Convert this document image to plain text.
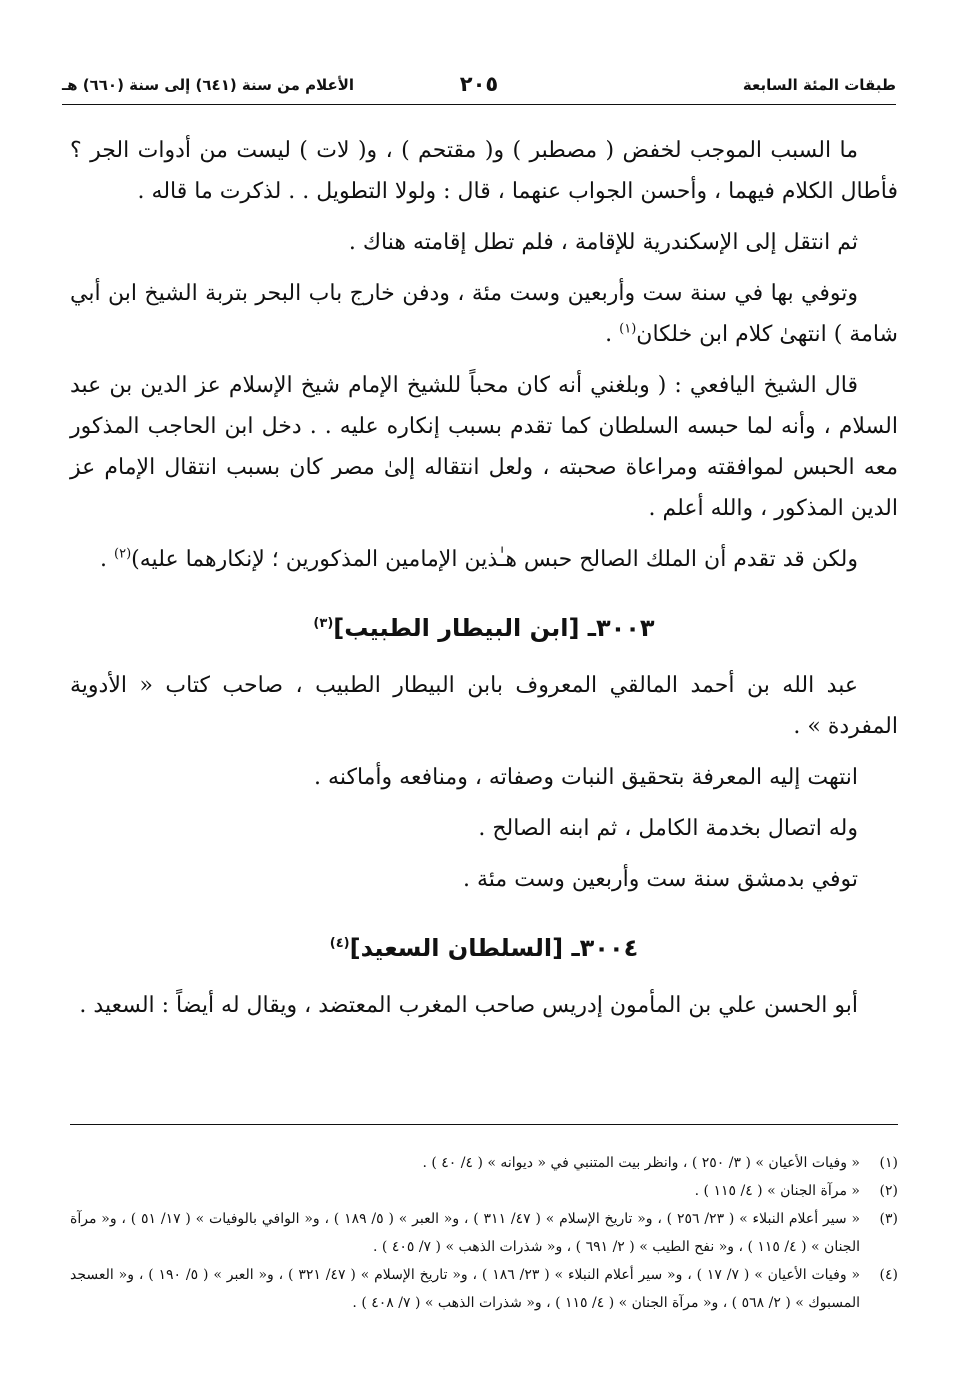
طبقات المئة السابعة
٢٠٥
الأعلام من سنة (٦٤١) إلى سنة (٦٦٠) هـ

ما السبب الموجب لخفض ( مصطبر ) و( مقتحم ) ، و( لات ) ليست من أدوات الجر ؟ فأطال الكلام فيهما ، وأحسن الجواب عنهما ، قال : ولولا التطويل . . لذكرت ما قاله .

ثم انتقل إلى الإسكندرية للإقامة ، فلم تطل إقامته هناك .

وتوفي بها في سنة ست وأربعين وست مئة ، ودفن خارج باب البحر بتربة الشيخ ابن أبي شامة ) انتهىٰ كلام ابن خلكان$^{(١)}$ .

قال الشيخ اليافعي : ( وبلغني أنه كان محباً للشيخ الإمام شيخ الإسلام عز الدين بن عبد السلام ، وأنه لما حبسه السلطان كما تقدم بسبب إنكاره عليه . . دخل ابن الحاجب المذكور معه الحبس لموافقته ومراعاة صحبته ، ولعل انتقاله إلىٰ مصر كان بسبب انتقال الإمام عز الدين المذكور ، والله أعلم .

ولكن قد تقدم أن الملك الصالح حبس هـٰذين الإمامين المذكورين ؛ لإنكارهما عليه)$^{(٢)}$ .

٣٠٠٣ـ [ابن البيطار الطبيب]$^{(٣)}$

عبد الله بن أحمد المالقي المعروف بابن البيطار الطبيب ، صاحب كتاب « الأدوية المفردة » .

انتهت إليه المعرفة بتحقيق النبات وصفاته ، ومنافعه وأماكنه .

وله اتصال بخدمة الكامل ، ثم ابنه الصالح .

توفي بدمشق سنة ست وأربعين وست مئة .

٣٠٠٤ـ [السلطان السعيد]$^{(٤)}$

أبو الحسن علي بن المأمون إدريس صاحب المغرب المعتضد ، ويقال له أيضاً : السعيد .

(١)
« وفيات الأعيان » ( ٣/ ٢٥٠ ) ، وانظر بيت المتنبي في « ديوانه » ( ٤/ ٤٠ ) .
(٢)
« مرآة الجنان » ( ٤/ ١١٥ ) .
(٣)
« سير أعلام النبلاء » ( ٢٣/ ٢٥٦ ) ، و« تاريخ الإسلام » ( ٤٧/ ٣١١ ) ، و« العبر » ( ٥/ ١٨٩ ) ، و« الوافي بالوفيات » ( ١٧/ ٥١ ) ، و« مرآة الجنان » ( ٤/ ١١٥ ) ، و« نفح الطيب » ( ٢/ ٦٩١ ) ، و« شذرات الذهب » ( ٧/ ٤٠٥ ) .
(٤)
« وفيات الأعيان » ( ٧/ ١٧ ) ، و« سير أعلام النبلاء » ( ٢٣/ ١٨٦ ) ، و« تاريخ الإسلام » ( ٤٧/ ٣٢١ ) ، و« العبر » ( ٥/ ١٩٠ ) ، و« العسجد المسبوك » ( ٢/ ٥٦٨ ) ، و« مرآة الجنان » ( ٤/ ١١٥ ) ، و« شذرات الذهب » ( ٧/ ٤٠٨ ) .
